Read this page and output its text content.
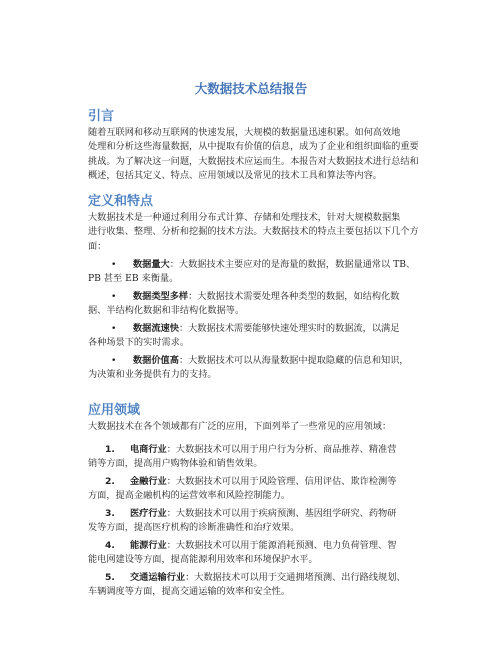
大数据技术总结报告
引言
随着互联网和移动互联网的快速发展，大规模的数据量迅速积累。如何高效地
处理和分析这些海量数据，从中提取有价值的信息，成为了企业和组织面临的重要
挑战。为了解决这一问题，大数据技术应运而生。本报告对大数据技术进行总结和
概述，包括其定义、特点、应用领域以及常见的技术工具和算法等内容。
定义和特点
大数据技术是一种通过利用分布式计算、存储和处理技术，针对大规模数据集
进行收集、整理、分析和挖掘的技术方法。大数据技术的特点主要包括以下几个方
面：
• 数据量大：大数据技术主要应对的是海量的数据，数据量通常以 TB、
PB 甚至 EB 来衡量。
• 数据类型多样：大数据技术需要处理各种类型的数据，如结构化数
据、半结构化数据和非结构化数据等。
• 数据流速快：大数据技术需要能够快速处理实时的数据流，以满足
各种场景下的实时需求。
• 数据价值高：大数据技术可以从海量数据中提取隐藏的信息和知识，
为决策和业务提供有力的支持。
应用领域
大数据技术在各个领域都有广泛的应用，下面列举了一些常见的应用领域：
1. 电商行业：大数据技术可以用于用户行为分析、商品推荐、精准营
销等方面，提高用户购物体验和销售效果。
2. 金融行业：大数据技术可以用于风险管理、信用评估、欺诈检测等
方面，提高金融机构的运营效率和风险控制能力。
3. 医疗行业：大数据技术可以用于疾病预测、基因组学研究、药物研
发等方面，提高医疗机构的诊断准确性和治疗效果。
4. 能源行业：大数据技术可以用于能源消耗预测、电力负荷管理、智
能电网建设等方面，提高能源利用效率和环境保护水平。
5. 交通运输行业：大数据技术可以用于交通拥堵预测、出行路线规划、
车辆调度等方面，提高交通运输的效率和安全性。
